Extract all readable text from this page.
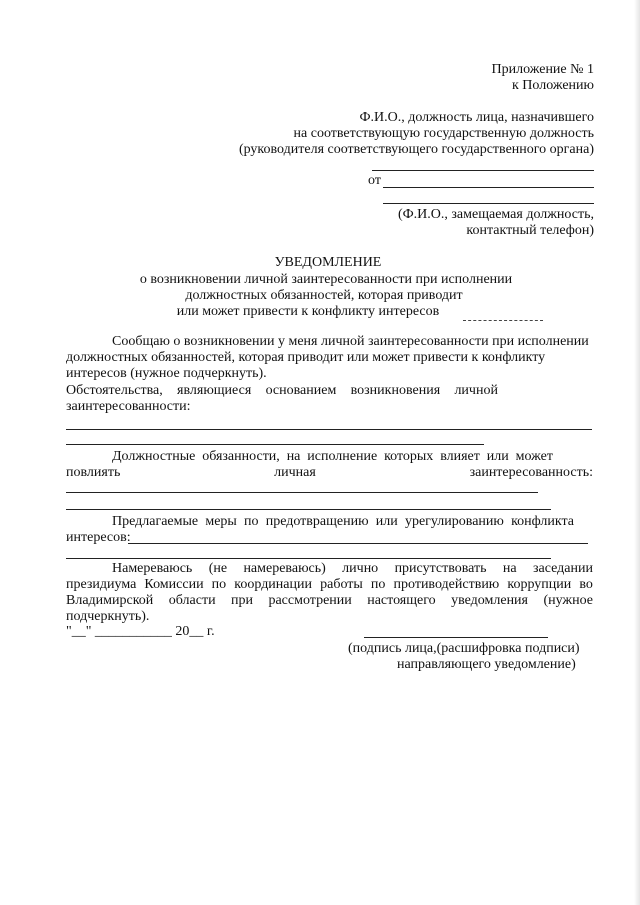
Приложение № 1
к Положению
Ф.И.О., должность лица, назначившего
на соответствующую государственную должность
(руководителя соответствующего государственного органа)
от
(Ф.И.О., замещаемая должность,
контактный телефон)
УВЕДОМЛЕНИЕ
о возникновении личной заинтересованности при исполнении
должностных обязанностей, которая приводит
или может привести к конфликту интересов
Сообщаю о возникновении у меня личной заинтересованности при исполнении
должностных обязанностей, которая приводит или может привести к конфликту
интересов (нужное подчеркнуть).
Обстоятельства, являющиеся основанием возникновения личной
заинтересованности:
Должностные обязанности, на исполнение которых влияет или может
повлиять	личная	заинтересованность:
Предлагаемые меры по предотвращению или урегулированию конфликта
интересов:
Намереваюсь (не намереваюсь) лично присутствовать на заседании
президиума Комиссии по координации работы по противодействию коррупции во
Владимирской области при рассмотрении настоящего уведомления (нужное
подчеркнуть).
"__" ___________ 20__ г.
(подпись лица,(расшифровка подписи)
направляющего уведомление)
